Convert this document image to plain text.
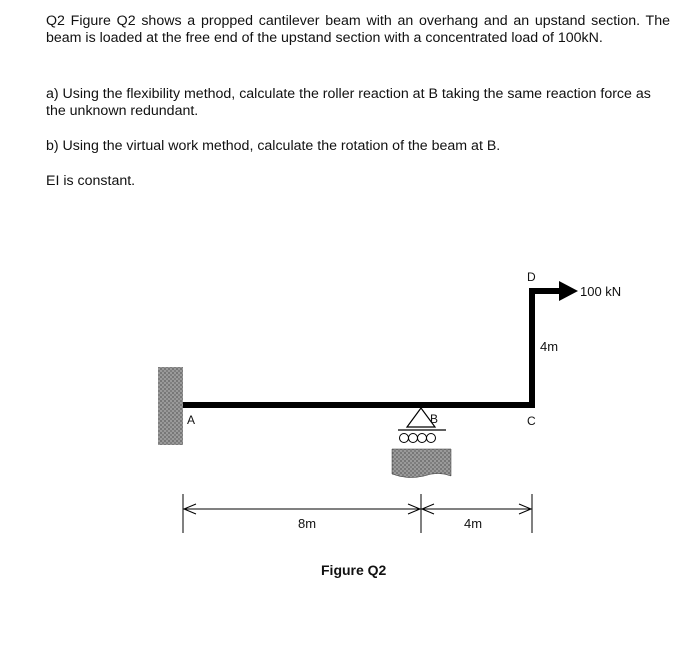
Q2 Figure Q2 shows a propped cantilever beam with an overhang and an upstand section. The beam is loaded at the free end of the upstand section with a concentrated load of 100kN.

a) Using the flexibility method, calculate the roller reaction at B taking the same reaction force as the unknown redundant.

b) Using the virtual work method, calculate the rotation of the beam at B.

EI is constant.

A	B	C
D
100 kN
4m
8m	4m
Figure Q2
